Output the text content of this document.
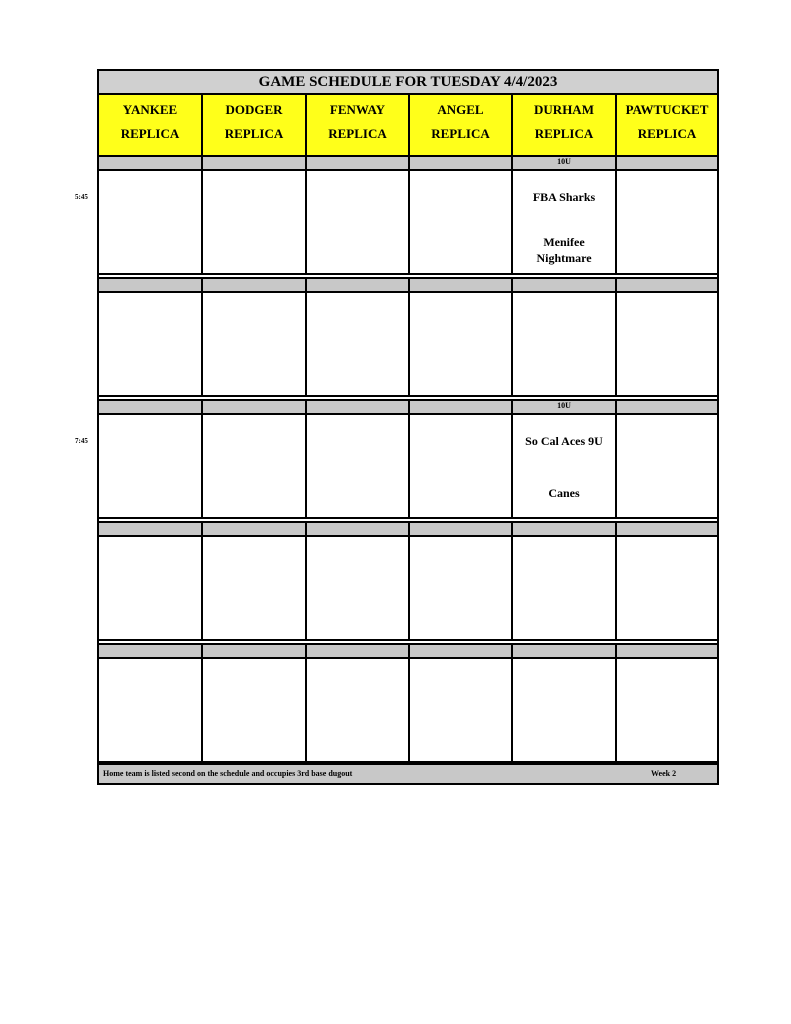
5:45
7:45
GAME SCHEDULE FOR TUESDAY 4/4/2023
YANKEE
REPLICA
DODGER
REPLICA
FENWAY
REPLICA
ANGEL
REPLICA
DURHAM
REPLICA
PAWTUCKET
REPLICA
10U
FBA Sharks
Menifee Nightmare
10U
So Cal Aces 9U
Canes
Home team is listed second on the schedule and occupies 3rd base dugout	Week 2
